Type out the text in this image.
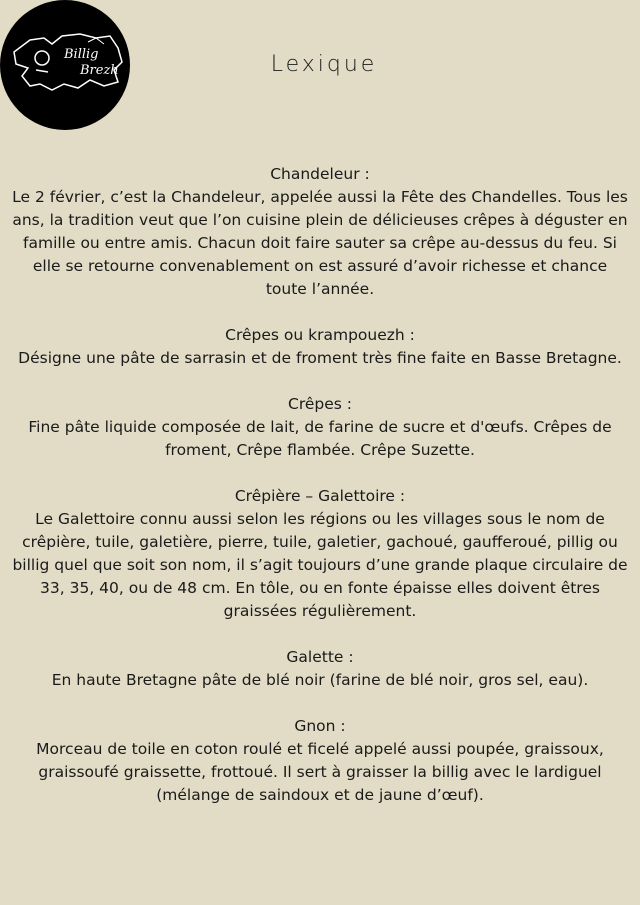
Billig
Brezh	Lexique

Chandeleur :

Le 2 février, c’est la Chandeleur, appelée aussi la Fête des Chandelles. Tous les ans, la tradition veut que l’on cuisine plein de délicieuses crêpes à déguster en famille ou entre amis. Chacun doit faire sauter sa crêpe au-dessus du feu. Si elle se retourne convenablement on est assuré d’avoir richesse et chance toute l’année.

Crêpes ou krampouezh :

Désigne une pâte de sarrasin et de froment très fine faite en Basse Bretagne.

Crêpes :

Fine pâte liquide composée de lait, de farine de sucre et d'œufs. Crêpes de froment, Crêpe flambée. Crêpe Suzette.

Crêpière – Galettoire :

Le Galettoire connu aussi selon les régions ou les villages sous le nom de crêpière, tuile, galetière, pierre, tuile, galetier, gachoué, gaufferoué, pillig ou billig quel que soit son nom, il s’agit toujours d’une grande plaque circulaire de 33, 35, 40, ou de 48 cm. En tôle, ou en fonte épaisse elles doivent êtres graissées régulièrement.

Galette :

En haute Bretagne pâte de blé noir (farine de blé noir, gros sel, eau).

Gnon :

Morceau de toile en coton roulé et ficelé appelé aussi poupée, graissoux, graissoufé graissette, frottoué. Il sert à graisser la billig avec le lardiguel (mélange de saindoux et de jaune d’œuf).
